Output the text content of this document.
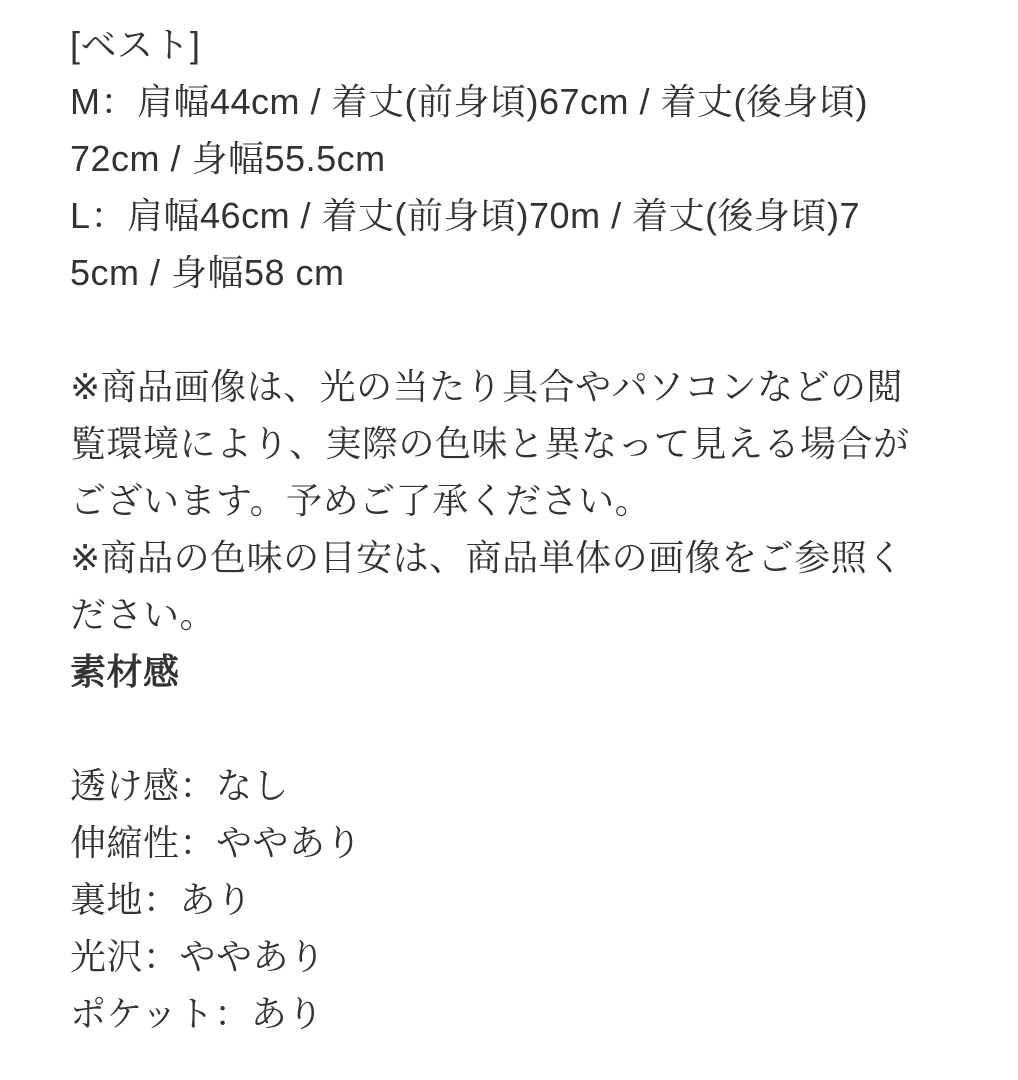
[ベスト]
M：肩幅44cm / 着丈(前身頃)67cm / 着丈(後身頃)
72cm / 身幅55.5cm
L：肩幅46cm / 着丈(前身頃)70m / 着丈(後身頃)7
5cm / 身幅58 cm
※商品画像は、光の当たり具合やパソコンなどの閲
覧環境により、実際の色味と異なって見える場合が
ございます。予めご了承ください。
※商品の色味の目安は、商品単体の画像をご参照く
ださい。
素材感
透け感：なし
伸縮性：ややあり
裏地：あり
光沢：ややあり
ポケット：あり
